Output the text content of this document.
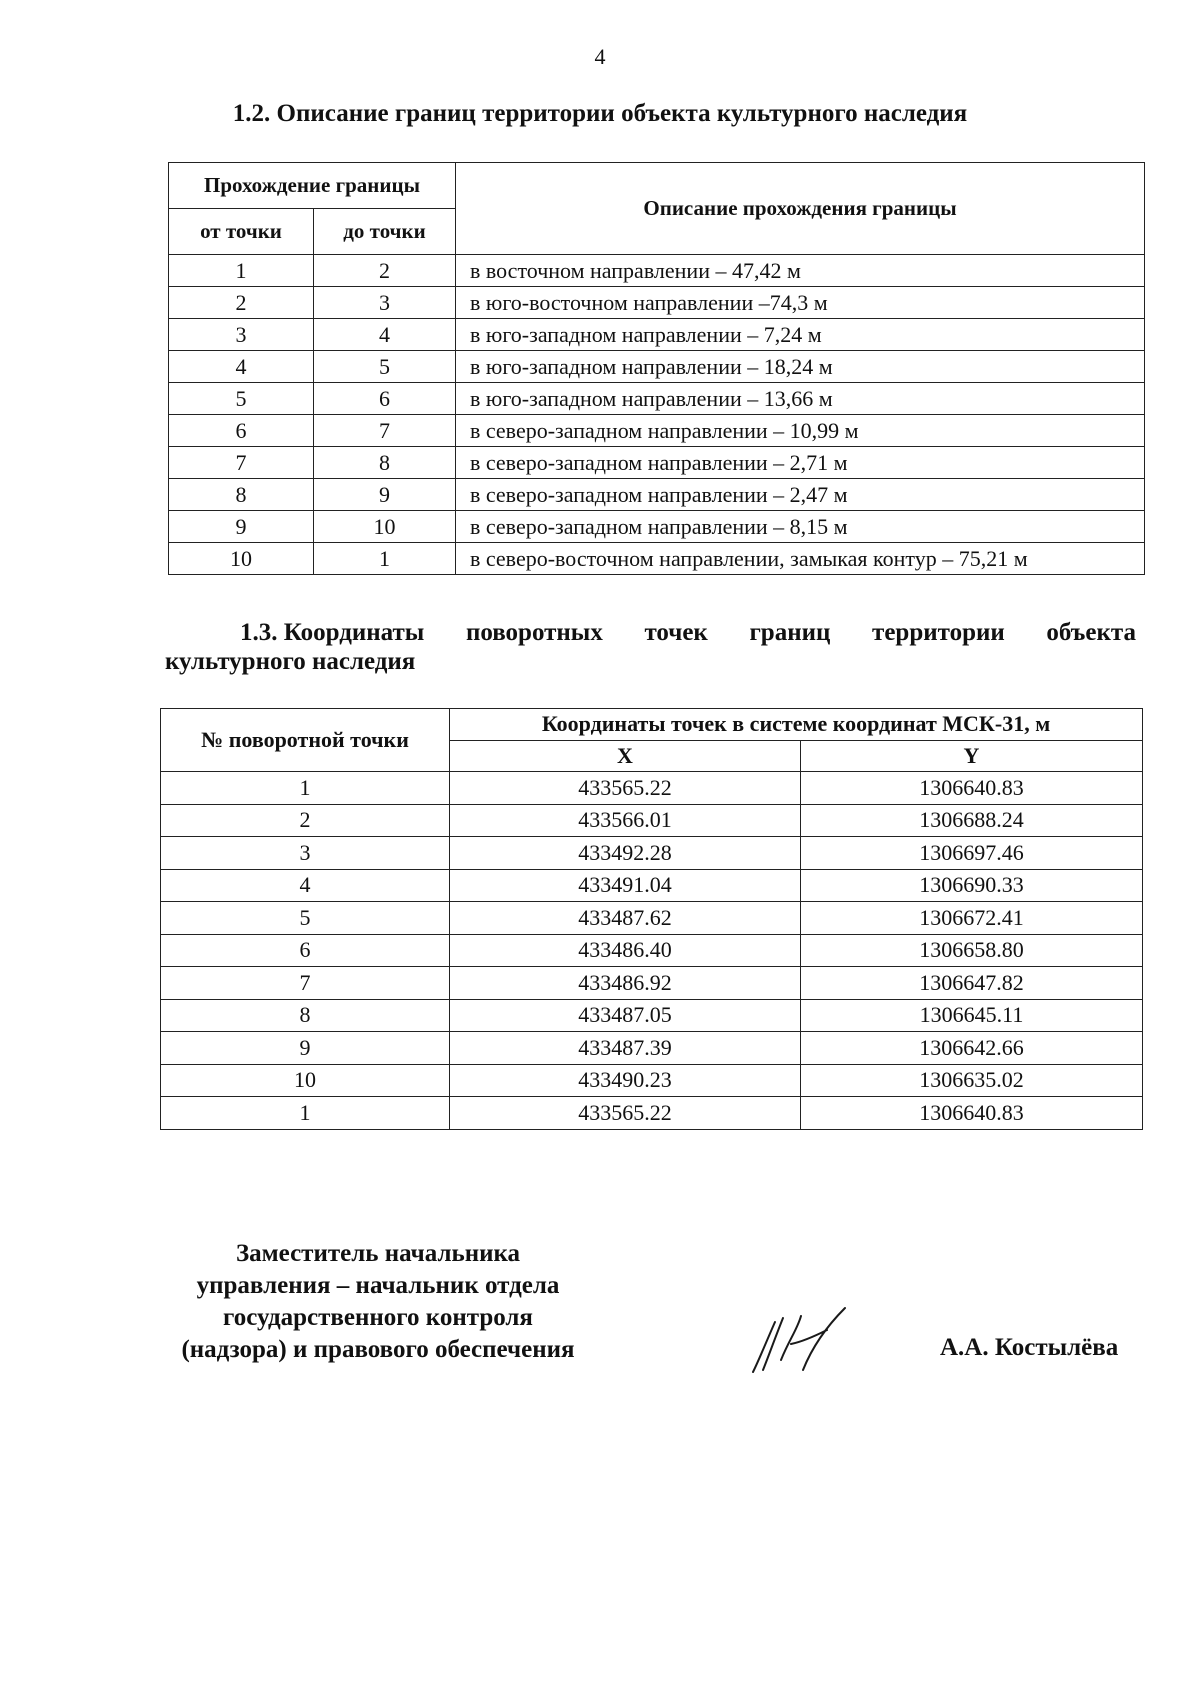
4
1.2. Описание границ территории объекта культурного наследия
Прохождение границы		Описание прохождения границы
от точки	до точки	
1	2	в восточном направлении – 47,42 м
2	3	в юго-восточном направлении –74,3 м
3	4	в юго-западном направлении – 7,24 м
4	5	в юго-западном направлении – 18,24 м
5	6	в юго-западном направлении – 13,66 м
6	7	в северо-западном направлении – 10,99 м
7	8	в северо-западном направлении – 2,71 м
8	9	в северо-западном направлении – 2,47 м
9	10	в северо-западном направлении – 8,15 м
10	1	в северо-восточном направлении, замыкая контур – 75,21 м
1.3. Координаты поворотных точек границ территории объекта
культурного наследия
№ поворотной точки	Координаты точек в системе координат МСК-31, м	
	X	Y
1	433565.22	1306640.83
2	433566.01	1306688.24
3	433492.28	1306697.46
4	433491.04	1306690.33
5	433487.62	1306672.41
6	433486.40	1306658.80
7	433486.92	1306647.82
8	433487.05	1306645.11
9	433487.39	1306642.66
10	433490.23	1306635.02
1	433565.22	1306640.83
Заместитель начальника
управления – начальник отдела
государственного контроля
(надзора) и правового обеспечения	А.А. Костылёва
